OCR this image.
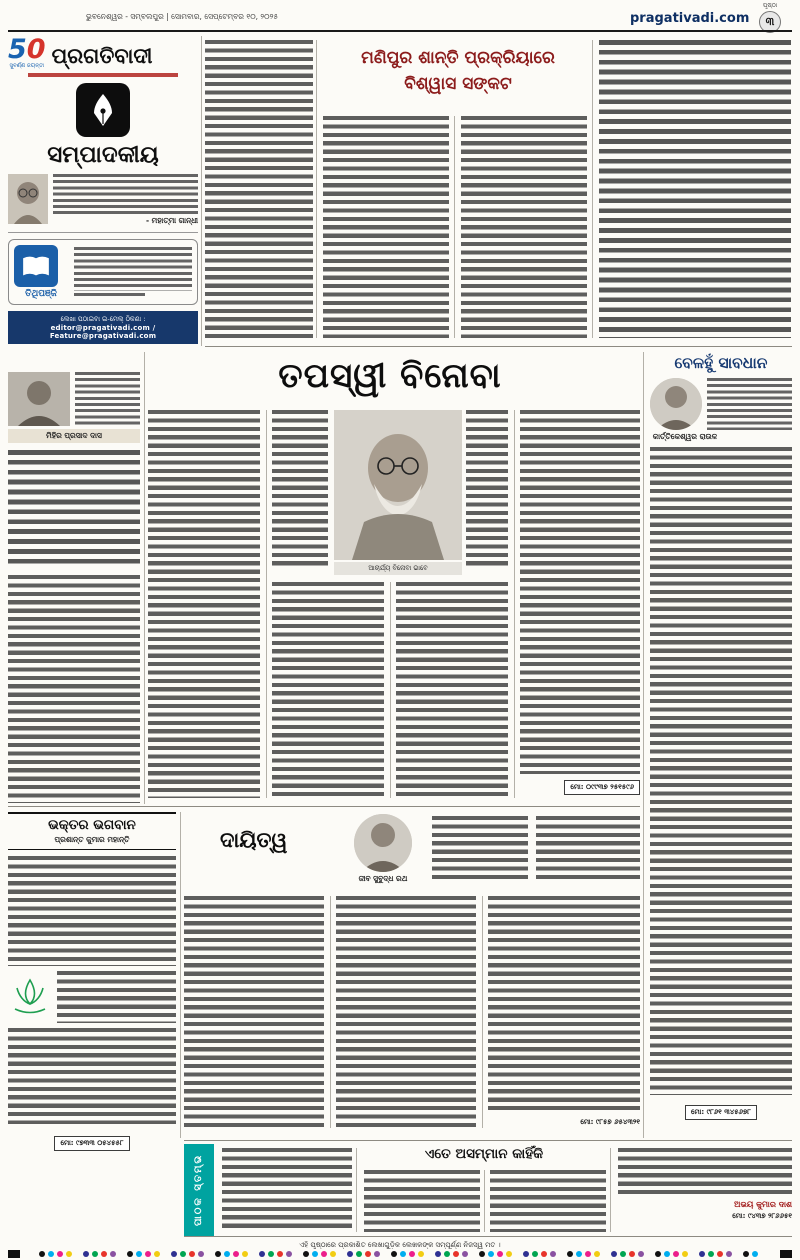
ଭୁବନେଶ୍ୱର - ସମ୍ବଲପୁର | ସୋମବାର, ସେପ୍ଟେମ୍ବର ୧୦, ୨୦୨୫	pragativadi.com
ପୃଷ୍ଠା
୩
50
ସୁବର୍ଣ୍ଣ ଜୟନ୍ତୀ ପ୍ରଗତିବାଦୀ
ସମ୍ପାଦକୀୟ
- ମହାତ୍ମା ଗାନ୍ଧୀ
ତିଥିପଞ୍ଜି
ଲେଖା ପଠାଇବା ଇ-ମେଲ୍ ଠିକଣା :
editor@pragativadi.com / Feature@pragativadi.com
ମଣିପୁର ଶାନ୍ତି ପ୍ରକ୍ରିୟାରେ
ବିଶ୍ୱାସ ସଙ୍କଟ
ତପସ୍ୱୀ ବିନୋବା
ମିହିର ପ୍ରସାଦ ଦାସ
ଆଚାର୍ଯ୍ୟ ବିନୋବା ଭାବେ
ମୋ: ୦୯୯୩୭ ୨୫୧୫୯୬
ବେଳହୁଁ ସାବଧାନ
କାର୍ତ୍ତିକେଶ୍ୱର ରାଉଳ
ମୋ: ୯୮୬୧ ୩୪୫୬୭୮
ଭକ୍ତର ଭଗବାନ
ପ୍ରଶାନ୍ତ କୁମାର ମହାନ୍ତି
ମୋ: ୯୭୩୩ ୦୫୪୫୫୮
ଦାୟିତ୍ୱ
ଜୀବ ସୁବୁଦ୍ଧ ରଥ
ମୋ: ୯୮୫୭ ୬୫୪୩୨୧
ପାଠକ ସ୍ତମ୍ଭ	ଏତେ ଅସମ୍ମାନ କାହିଁକି
ଅଭୟ କୁମାର ଦାଶ
ମୋ: ୯୪୩୭ ୨୮୬୬୫୧
ଏହି ପୃଷ୍ଠାରେ ପ୍ରକାଶିତ ଲେଖାଗୁଡ଼ିକ ଲେଖକଙ୍କ ସମ୍ପୂର୍ଣ୍ଣ ନିଜସ୍ୱ ମତ ।
